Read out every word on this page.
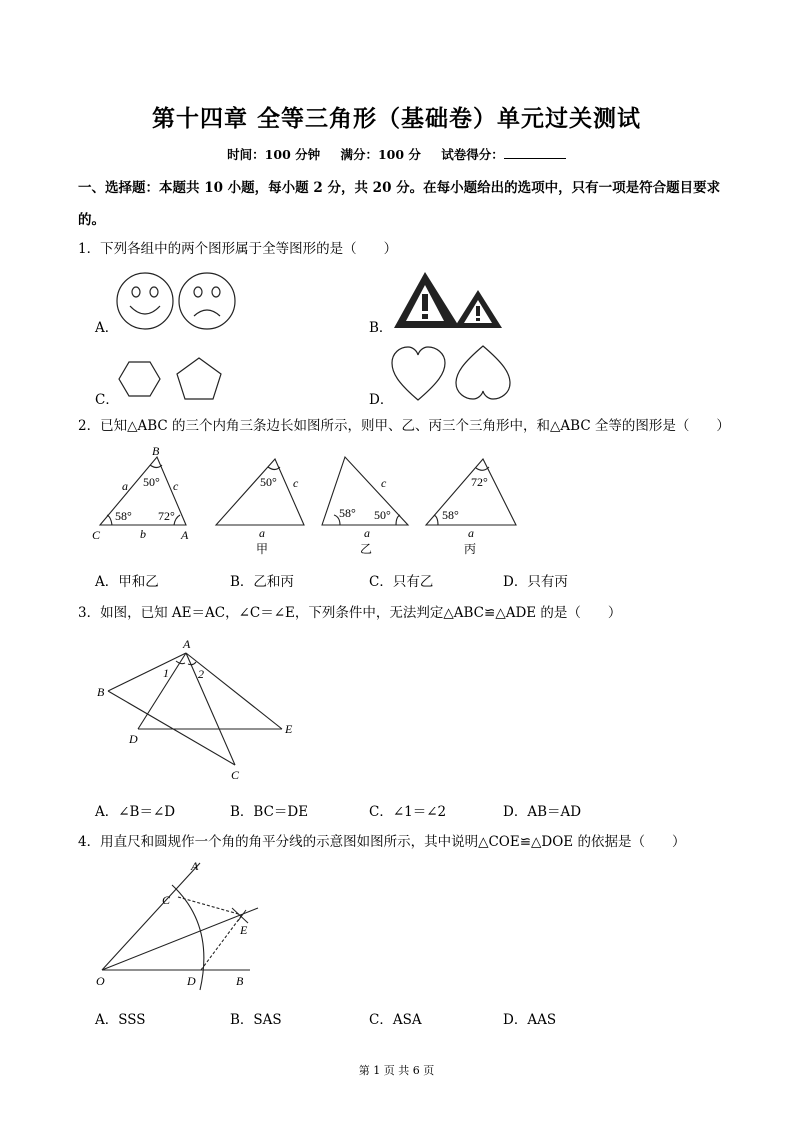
第十四章 全等三角形（基础卷）单元过关测试
时间：100 分钟 满分：100 分 试卷得分：
一、选择题：本题共 10 小题，每小题 2 分，共 20 分。在每小题给出的选项中，只有一项是符合题目要求的。
1．下列各组中的两个图形属于全等图形的是（　　）
A．	B．
C．	D．
2．已知△ABC 的三个内角三条边长如图所示，则甲、乙、丙三个三角形中，和△ABC 全等的图形是（　　）
B
C	A
a
b
c
50°
58° 72°
50° c
a
甲
58° 50°
c
a
乙
72°
58°
a
丙
A．甲和乙	B．乙和丙	C．只有乙	D．只有丙
3．如图，已知 AE＝AC，∠C＝∠E，下列条件中，无法判定△ABC≌△ADE 的是（　　）
A
B
C
D
E
1 2
A．∠B＝∠D	B．BC＝DE	C．∠1＝∠2	D．AB＝AD
4．用直尺和圆规作一个角的角平分线的示意图如图所示，其中说明△COE≌△DOE 的依据是（　　）
A
C
E
O	D	B
A．SSS	B．SAS	C．ASA	D．AAS
第 1 页 共 6 页
